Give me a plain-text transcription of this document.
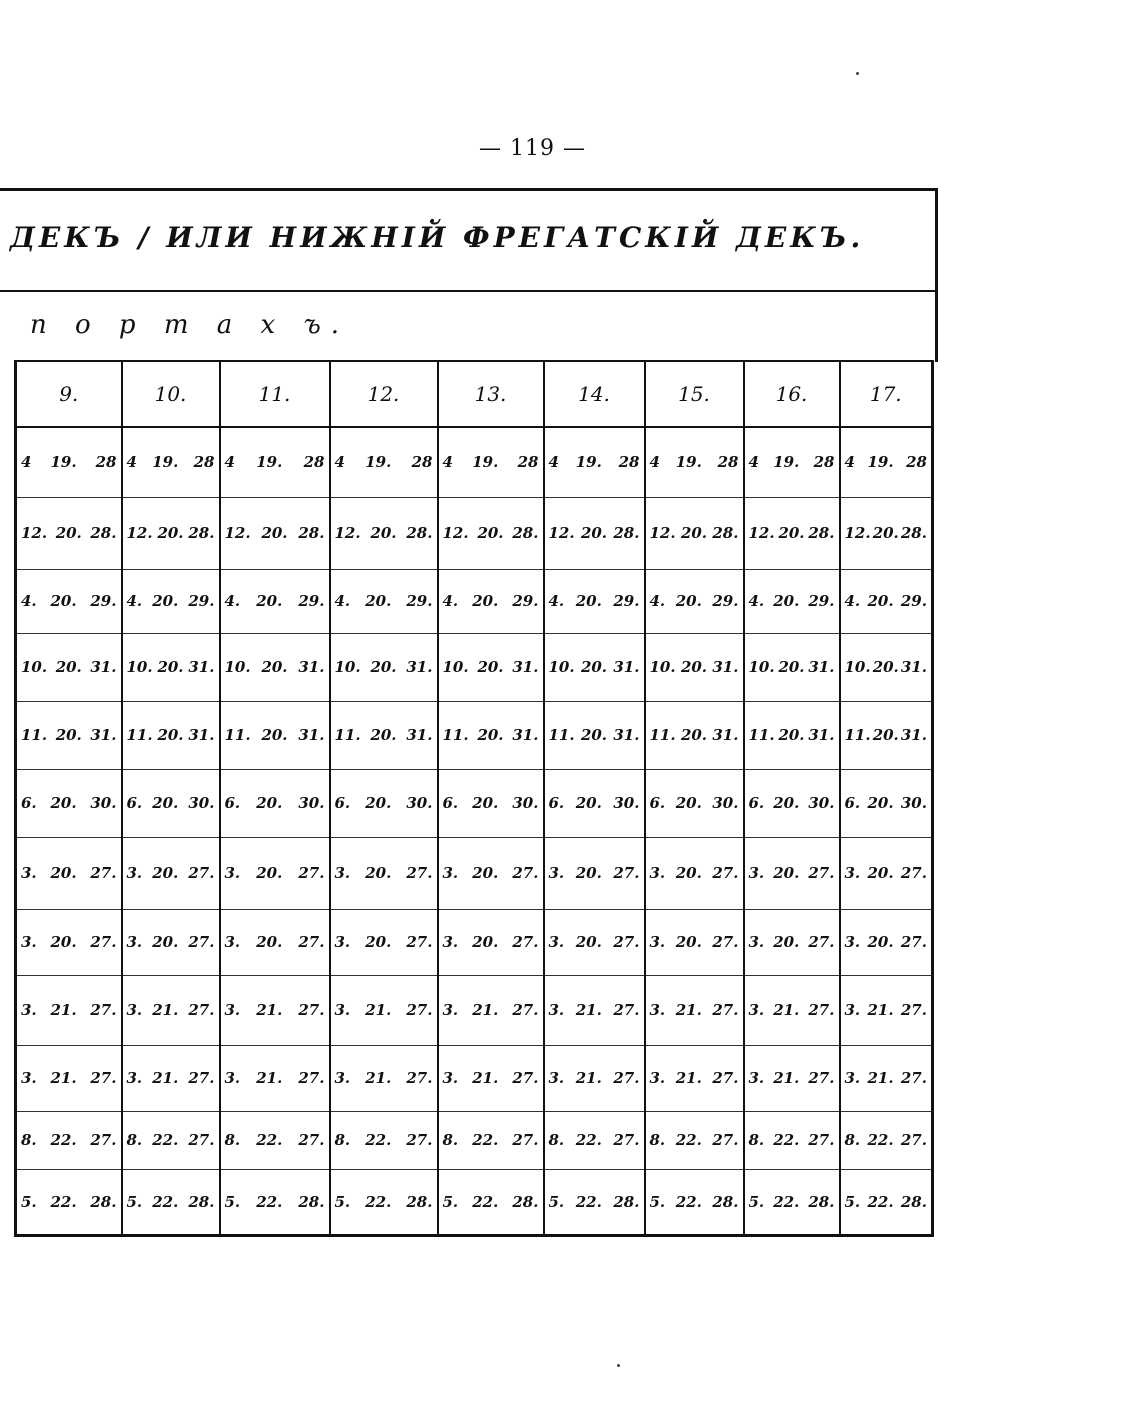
— 119 —
ДЕКЪ / ИЛИ НИЖНІЙ ФРЕГАТСКІЙ ДЕКЪ.
п о р т а х ъ.
9.	10.	11.	12.	13.	14.	15.	16.	17.

4 19. 28	4 19. 28	4 19. 28	4 19. 28	4 19. 28	4 19. 28	4 19. 28	4 19. 28	4 19. 28

12. 20. 28.	12. 20. 28.	12. 20. 28.	12. 20. 28.	12. 20. 28.	12. 20. 28.	12. 20. 28.	12. 20. 28.	12. 20. 28.

4. 20. 29.	4. 20. 29.	4. 20. 29.	4. 20. 29.	4. 20. 29.	4. 20. 29.	4. 20. 29.	4. 20. 29.	4. 20. 29.

10. 20. 31.	10. 20. 31.	10. 20. 31.	10. 20. 31.	10. 20. 31.	10. 20. 31.	10. 20. 31.	10. 20. 31.	10. 20. 31.

11. 20. 31.	11. 20. 31.	11. 20. 31.	11. 20. 31.	11. 20. 31.	11. 20. 31.	11. 20. 31.	11. 20. 31.	11. 20. 31.

6. 20. 30.	6. 20. 30.	6. 20. 30.	6. 20. 30.	6. 20. 30.	6. 20. 30.	6. 20. 30.	6. 20. 30.	6. 20. 30.

3. 20. 27.	3. 20. 27.	3. 20. 27.	3. 20. 27.	3. 20. 27.	3. 20. 27.	3. 20. 27.	3. 20. 27.	3. 20. 27.

3. 20. 27.	3. 20. 27.	3. 20. 27.	3. 20. 27.	3. 20. 27.	3. 20. 27.	3. 20. 27.	3. 20. 27.	3. 20. 27.

3. 21. 27.	3. 21. 27.	3. 21. 27.	3. 21. 27.	3. 21. 27.	3. 21. 27.	3. 21. 27.	3. 21. 27.	3. 21. 27.

3. 21. 27.	3. 21. 27.	3. 21. 27.	3. 21. 27.	3. 21. 27.	3. 21. 27.	3. 21. 27.	3. 21. 27.	3. 21. 27.

8. 22. 27.	8. 22. 27.	8. 22. 27.	8. 22. 27.	8. 22. 27.	8. 22. 27.	8. 22. 27.	8. 22. 27.	8. 22. 27.

5. 22. 28.	5. 22. 28.	5. 22. 28.	5. 22. 28.	5. 22. 28.	5. 22. 28.	5. 22. 28.	5. 22. 28.	5. 22. 28.
